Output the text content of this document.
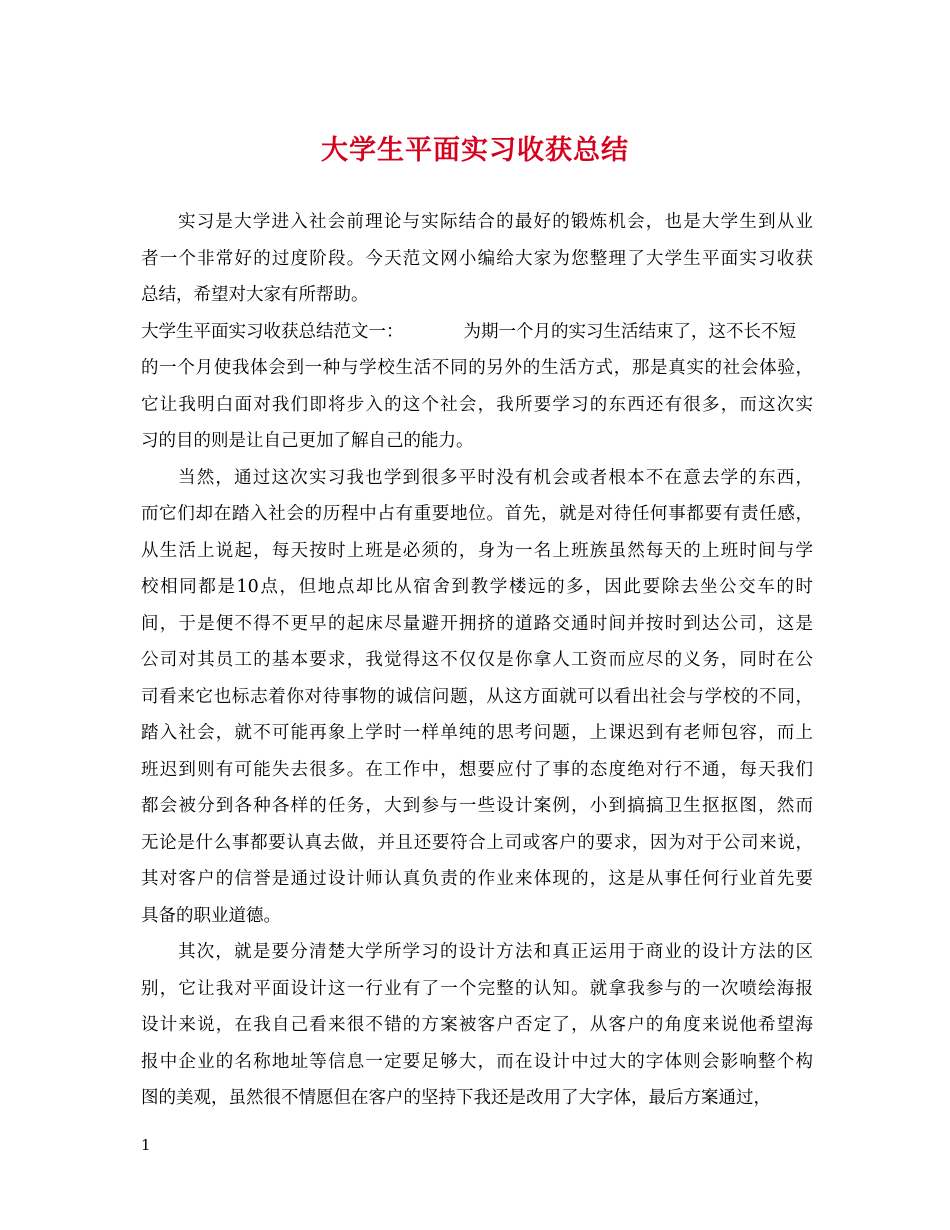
大学生平面实习收获总结
实习是大学进入社会前理论与实际结合的最好的锻炼机会，也是大学生到从业
者一个非常好的过度阶段。今天范文网小编给大家为您整理了大学生平面实习收获
总结，希望对大家有所帮助。
大学生平面实习收获总结范文一：	为期一个月的实习生活结束了，这不长不短
的一个月使我体会到一种与学校生活不同的另外的生活方式，那是真实的社会体验，
它让我明白面对我们即将步入的这个社会，我所要学习的东西还有很多，而这次实
习的目的则是让自己更加了解自己的能力。
当然，通过这次实习我也学到很多平时没有机会或者根本不在意去学的东西，
而它们却在踏入社会的历程中占有重要地位。首先，就是对待任何事都要有责任感，
从生活上说起，每天按时上班是必须的，身为一名上班族虽然每天的上班时间与学
校相同都是10点，但地点却比从宿舍到教学楼远的多，因此要除去坐公交车的时
间，于是便不得不更早的起床尽量避开拥挤的道路交通时间并按时到达公司，这是
公司对其员工的基本要求，我觉得这不仅仅是你拿人工资而应尽的义务，同时在公
司看来它也标志着你对待事物的诚信问题，从这方面就可以看出社会与学校的不同，
踏入社会，就不可能再象上学时一样单纯的思考问题，上课迟到有老师包容，而上
班迟到则有可能失去很多。在工作中，想要应付了事的态度绝对行不通，每天我们
都会被分到各种各样的任务，大到参与一些设计案例，小到搞搞卫生抠抠图，然而
无论是什么事都要认真去做，并且还要符合上司或客户的要求，因为对于公司来说，
其对客户的信誉是通过设计师认真负责的作业来体现的，这是从事任何行业首先要
具备的职业道德。
其次，就是要分清楚大学所学习的设计方法和真正运用于商业的设计方法的区
别，它让我对平面设计这一行业有了一个完整的认知。就拿我参与的一次喷绘海报
设计来说，在我自己看来很不错的方案被客户否定了，从客户的角度来说他希望海
报中企业的名称地址等信息一定要足够大，而在设计中过大的字体则会影响整个构
图的美观，虽然很不情愿但在客户的坚持下我还是改用了大字体，最后方案通过，
1
